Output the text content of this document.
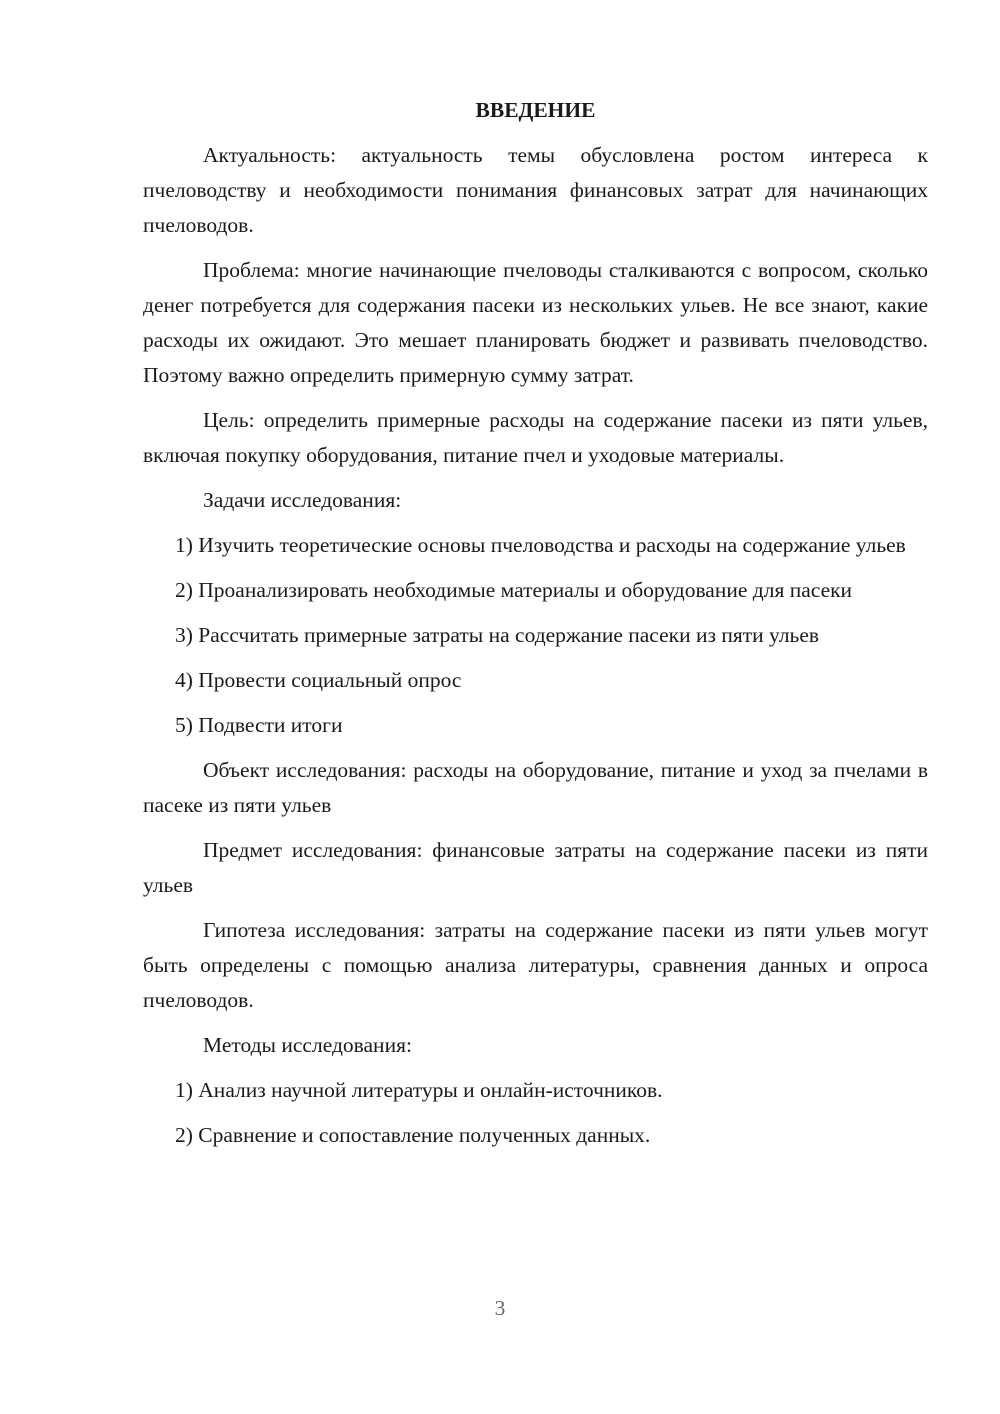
ВВЕДЕНИЕ

Актуальность: актуальность темы обусловлена ростом интереса к пчеловодству и необходимости понимания финансовых затрат для начинающих пчеловодов.

Проблема: многие начинающие пчеловоды сталкиваются с вопросом, сколько денег потребуется для содержания пасеки из нескольких ульев. Не все знают, какие расходы их ожидают. Это мешает планировать бюджет и развивать пчеловодство. Поэтому важно определить примерную сумму затрат.

Цель: определить примерные расходы на содержание пасеки из пяти ульев, включая покупку оборудования, питание пчел и уходовые материалы.

Задачи исследования:

1) Изучить теоретические основы пчеловодства и расходы на содержание ульев

2) Проанализировать необходимые материалы и оборудование для пасеки

3) Рассчитать примерные затраты на содержание пасеки из пяти ульев

4) Провести социальный опрос

5) Подвести итоги

Объект исследования: расходы на оборудование, питание и уход за пчелами в пасеке из пяти ульев

Предмет исследования: финансовые затраты на содержание пасеки из пяти ульев

Гипотеза исследования: затраты на содержание пасеки из пяти ульев могут быть определены с помощью анализа литературы, сравнения данных и опроса пчеловодов.

Методы исследования:

1) Анализ научной литературы и онлайн-источников.

2) Сравнение и сопоставление полученных данных.

3
